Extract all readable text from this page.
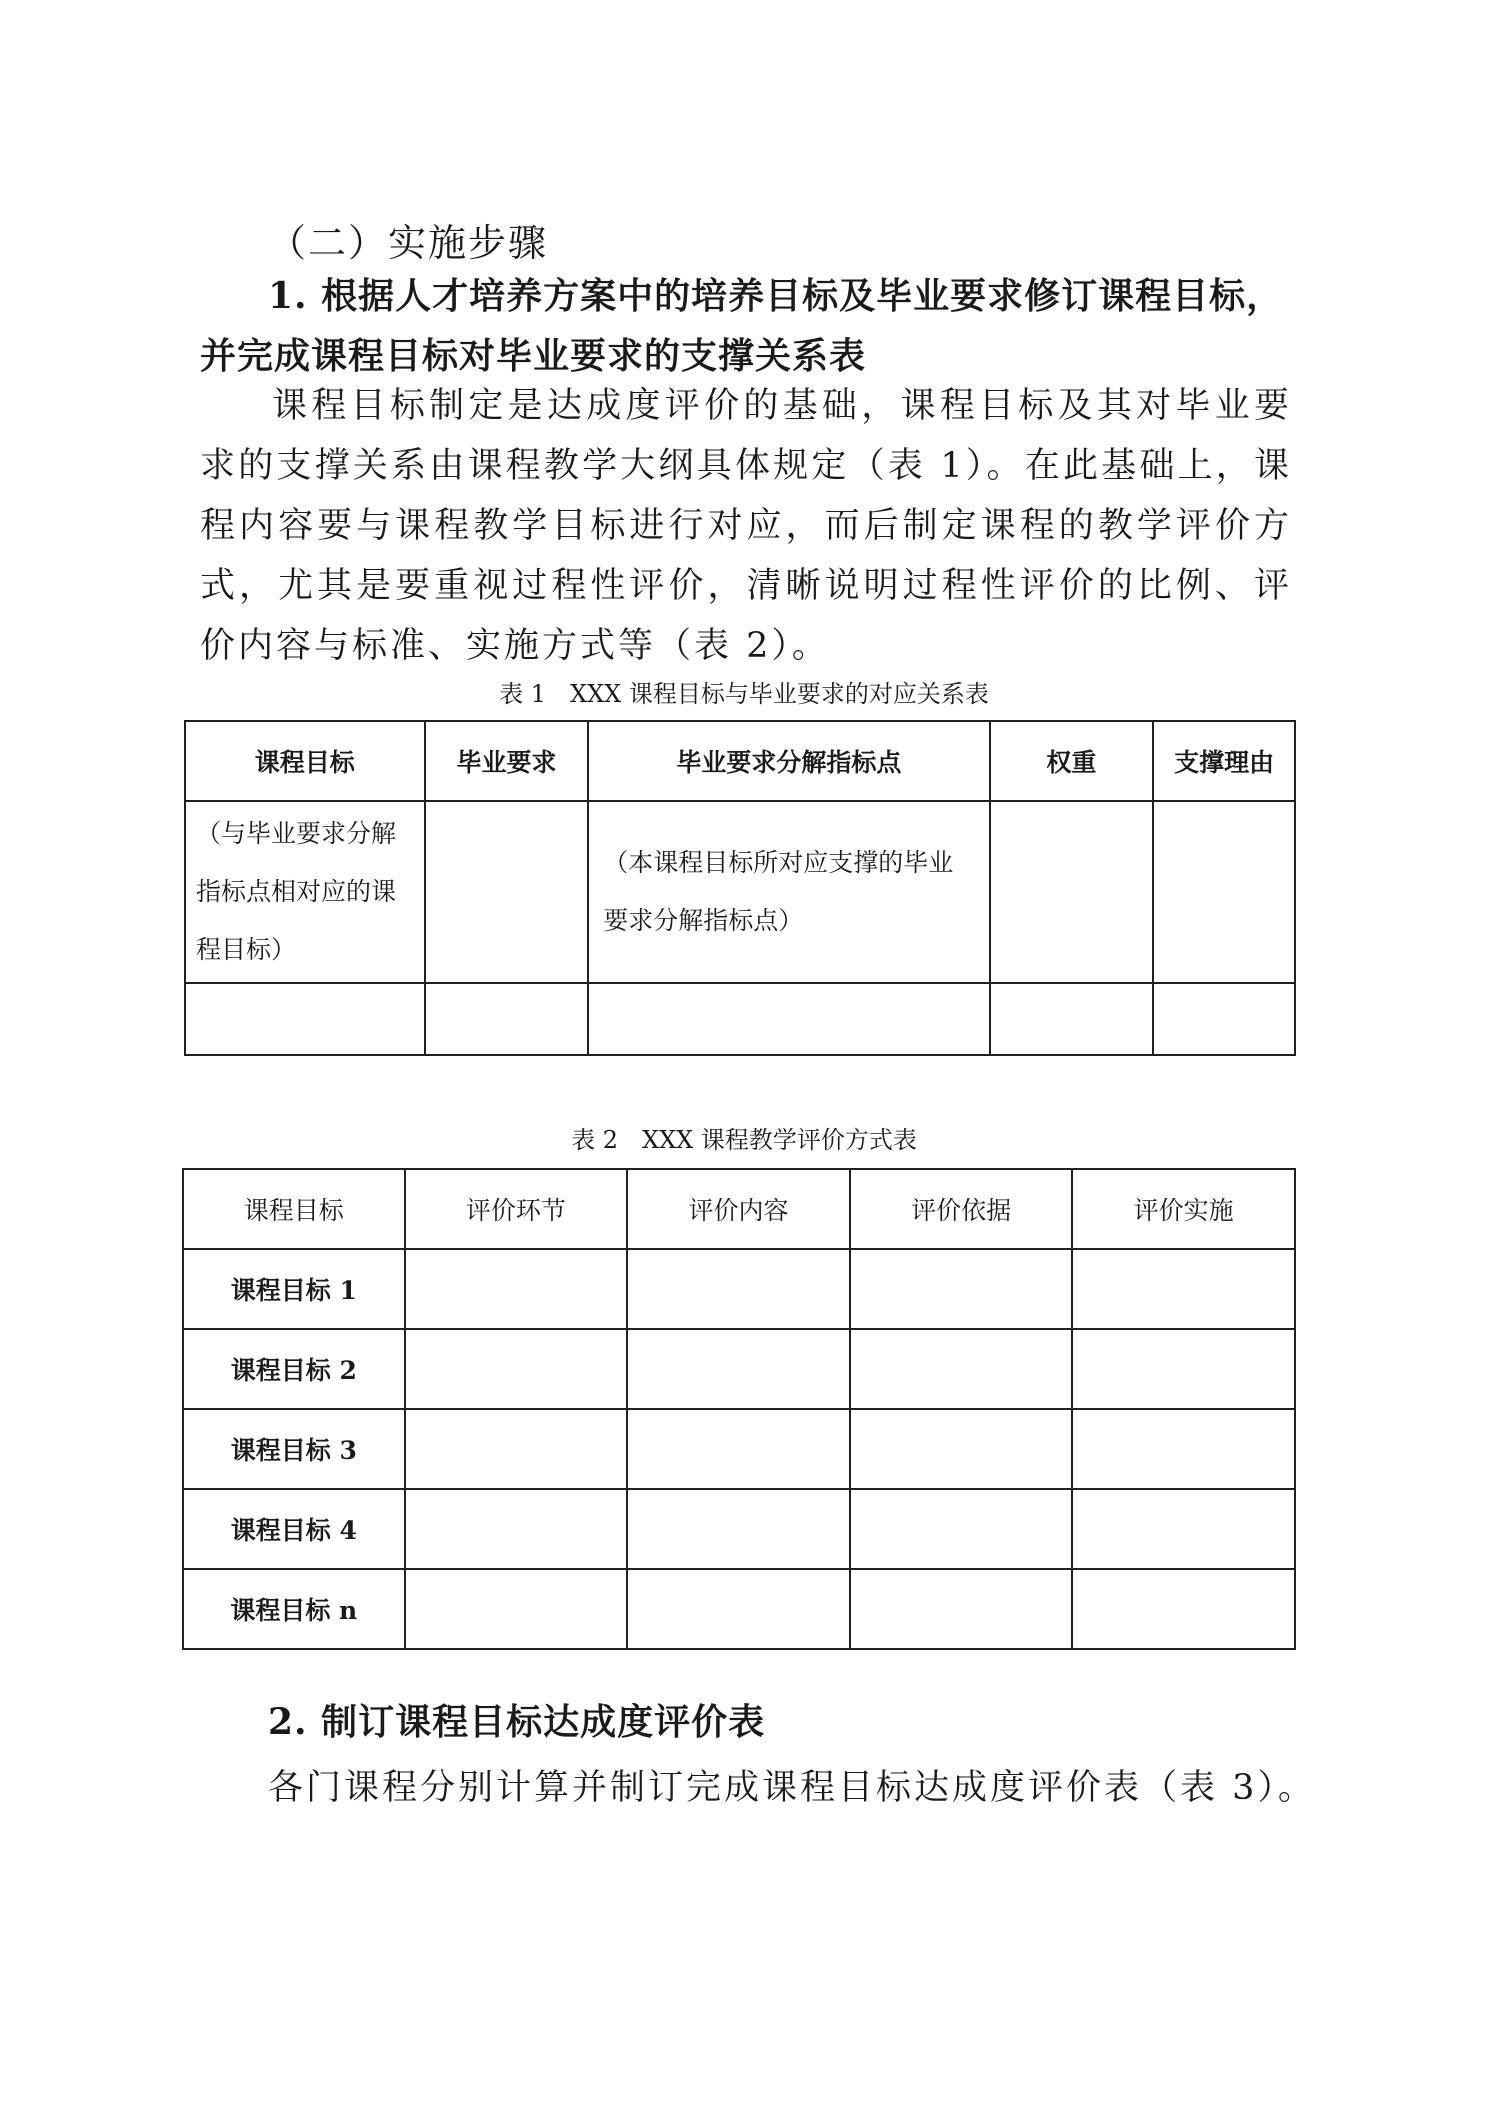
（二）实施步骤

1. 根据人才培养方案中的培养目标及毕业要求修订课程目标，并完成课程目标对毕业要求的支撑关系表

课程目标制定是达成度评价的基础，课程目标及其对毕业要求的支撑关系由课程教学大纲具体规定（表 1）。在此基础上，课程内容要与课程教学目标进行对应，而后制定课程的教学评价方式，尤其是要重视过程性评价，清晰说明过程性评价的比例、评价内容与标准、实施方式等（表 2）。

表 1　XXX 课程目标与毕业要求的对应关系表
课程目标	毕业要求	毕业要求分解指标点	权重	支撑理由
（与毕业要求分解指标点相对应的课程目标）		（本课程目标所对应支撑的毕业要求分解指标点）		

表 2　XXX 课程教学评价方式表
课程目标	评价环节	评价内容	评价依据	评价实施
课程目标 1				
课程目标 2				
课程目标 3				
课程目标 4				
课程目标 n				

2. 制订课程目标达成度评价表

各门课程分别计算并制订完成课程目标达成度评价表（表 3）。
